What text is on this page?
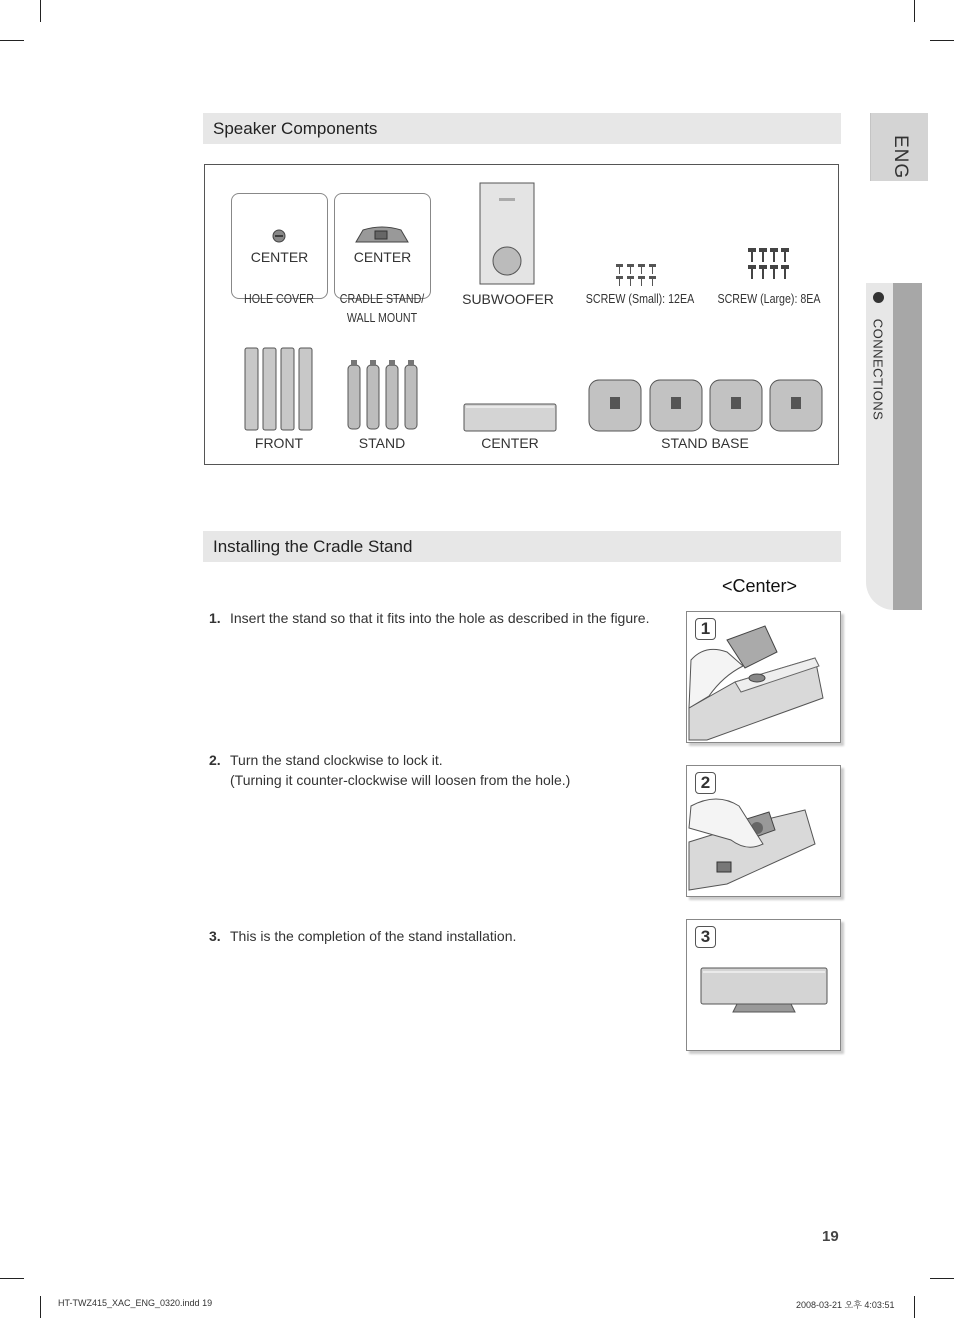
ENG
CONNECTIONS
Speaker Components
CENTER
HOLE COVER
CENTER
CRADLE STAND/
WALL MOUNT
SUBWOOFER	SCREW (Small): 12EA	SCREW (Large): 8EA
FRONT	STAND	CENTER	STAND BASE
Installing the Cradle Stand
<Center>
1. Insert the stand so that it fits into the hole as described in the figure.
2. Turn the stand clockwise to lock it.
(Turning it counter-clockwise will loosen from the hole.)
3. This is the completion of the stand installation.
1
2
3
19
HT-TWZ415_XAC_ENG_0320.indd 19	2008-03-21 오후 4:03:51
